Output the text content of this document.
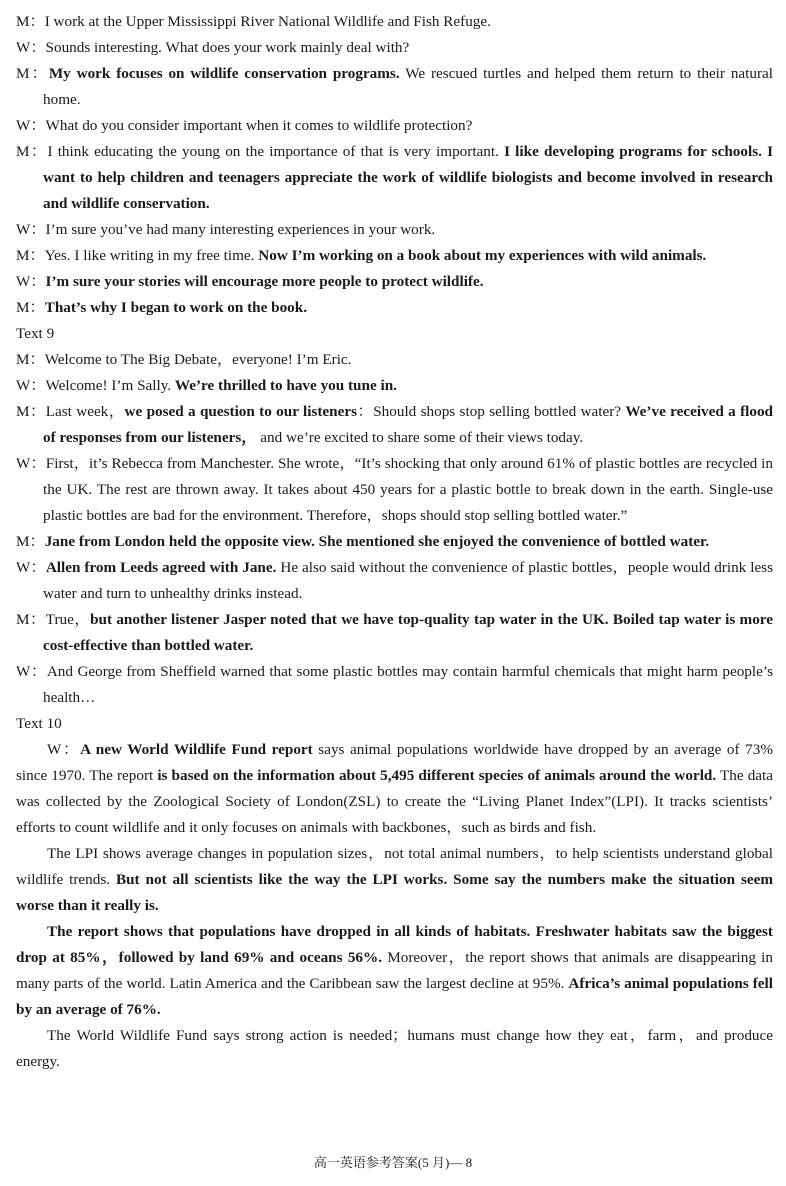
M：I work at the Upper Mississippi River National Wildlife and Fish Refuge.

W：Sounds interesting. What does your work mainly deal with?

M：My work focuses on wildlife conservation programs. We rescued turtles and helped them return to their natural home.

W：What do you consider important when it comes to wildlife protection?

M：I think educating the young on the importance of that is very important. I like developing programs for schools. I want to help children and teenagers appreciate the work of wildlife biologists and become involved in research and wildlife conservation.

W：I’m sure you’ve had many interesting experiences in your work.

M：Yes. I like writing in my free time. Now I’m working on a book about my experiences with wild animals.

W：I’m sure your stories will encourage more people to protect wildlife.

M：That’s why I began to work on the book.

Text 9

M：Welcome to The Big Debate，everyone! I’m Eric.

W：Welcome! I’m Sally. We’re thrilled to have you tune in.

M：Last week，we posed a question to our listeners：Should shops stop selling bottled water? We’ve received a flood of responses from our listeners， and we’re excited to share some of their views today.

W：First，it’s Rebecca from Manchester. She wrote，“It’s shocking that only around 61% of plastic bottles are recycled in the UK. The rest are thrown away. It takes about 450 years for a plastic bottle to break down in the earth. Single-use plastic bottles are bad for the environment. Therefore，shops should stop selling bottled water.”

M：Jane from London held the opposite view. She mentioned she enjoyed the convenience of bottled water.

W：Allen from Leeds agreed with Jane. He also said without the convenience of plastic bottles，people would drink less water and turn to unhealthy drinks instead.

M：True，but another listener Jasper noted that we have top-quality tap water in the UK. Boiled tap water is more cost-effective than bottled water.

W：And George from Sheffield warned that some plastic bottles may contain harmful chemicals that might harm people’s health…

Text 10

W：A new World Wildlife Fund report says animal populations worldwide have dropped by an average of 73% since 1970. The report is based on the information about 5,495 different species of animals around the world. The data was collected by the Zoological Society of London(ZSL) to create the “Living Planet Index”(LPI). It tracks scientists’ efforts to count wildlife and it only focuses on animals with backbones，such as birds and fish.

The LPI shows average changes in population sizes，not total animal numbers，to help scientists understand global wildlife trends. But not all scientists like the way the LPI works. Some say the numbers make the situation seem worse than it really is.

The report shows that populations have dropped in all kinds of habitats. Freshwater habitats saw the biggest drop at 85%，followed by land 69% and oceans 56%. Moreover，the report shows that animals are disappearing in many parts of the world. Latin America and the Caribbean saw the largest decline at 95%. Africa’s animal populations fell by an average of 76%.

The World Wildlife Fund says strong action is needed；humans must change how they eat，farm，and produce energy.

高一英语参考答案(5 月)— 8
